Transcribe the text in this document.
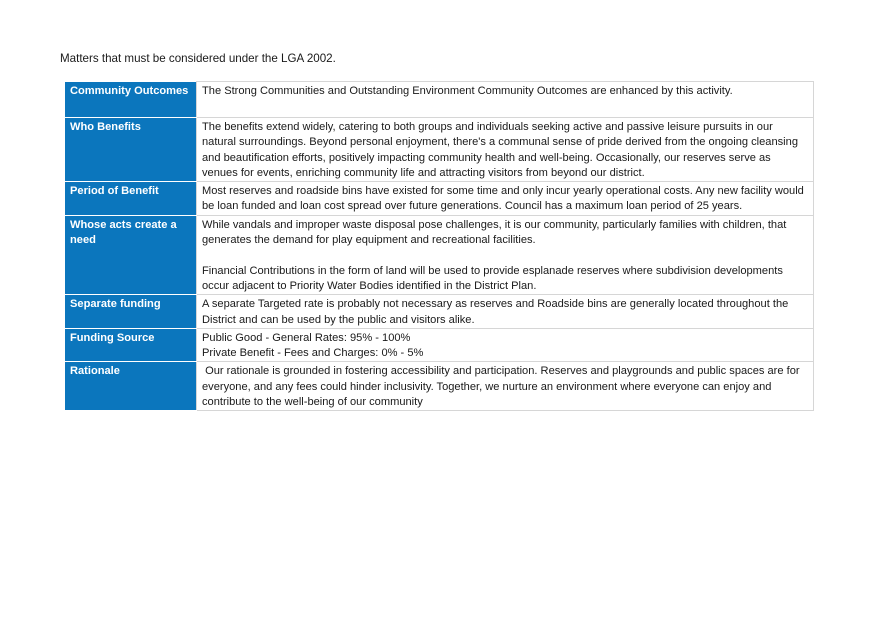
Matters that must be considered under the LGA 2002.
Community Outcomes	The Strong Communities and Outstanding Environment Community Outcomes are enhanced by this activity.

Who Benefits	The benefits extend widely, catering to both groups and individuals seeking active and passive leisure pursuits in our natural surroundings. Beyond personal enjoyment, there's a communal sense of pride derived from the ongoing cleansing and beautification efforts, positively impacting community health and well-being. Occasionally, our reserves serve as venues for events, enriching community life and attracting visitors from beyond our district.

Period of Benefit	Most reserves and roadside bins have existed for some time and only incur yearly operational costs. Any new facility would be loan funded and loan cost spread over future generations. Council has a maximum loan period of 25 years.

Whose acts create a need	While vandals and improper waste disposal pose challenges, it is our community, particularly families with children, that generates the demand for play equipment and recreational facilities.
Financial Contributions in the form of land will be used to provide esplanade reserves where subdivision developments occur adjacent to Priority Water Bodies identified in the District Plan.

Separate funding	A separate Targeted rate is probably not necessary as reserves and Roadside bins are generally located throughout the District and can be used by the public and visitors alike.

Funding Source	Public Good - General Rates: 95% - 100%
Private Benefit - Fees and Charges: 0% - 5%

Rationale	Our rationale is grounded in fostering accessibility and participation. Reserves and playgrounds and public spaces are for everyone, and any fees could hinder inclusivity. Together, we nurture an environment where everyone can enjoy and contribute to the well-being of our community
